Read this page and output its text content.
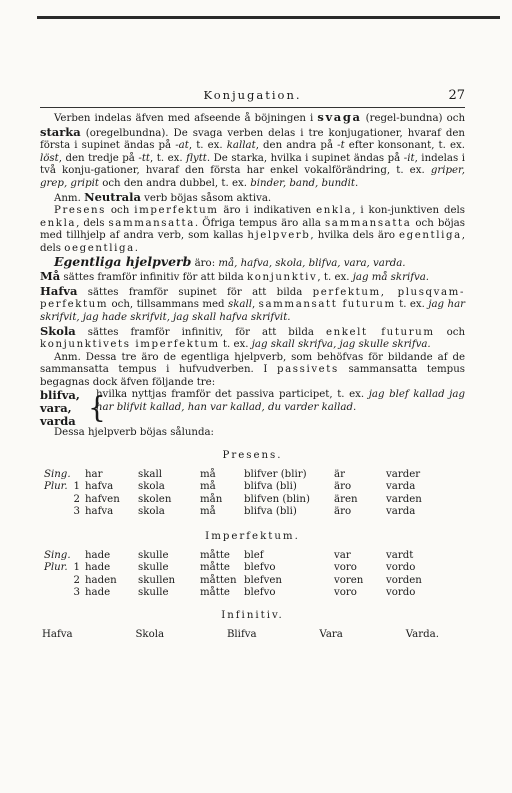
Konjugation.	27

Verben indelas äfven med afseende å böjningen i svaga (regel-bundna) och starka (oregelbundna). De svaga verben delas i tre konjugationer, hvaraf den första i supinet ändas på -at, t. ex. kallat, den andra på -t efter konsonant, t. ex. löst, den tredje på -tt, t. ex. flytt. De starka, hvilka i supinet ändas på -it, indelas i två konju-gationer, hvaraf den första har enkel vokalförändring, t. ex. griper, grep, gripit och den andra dubbel, t. ex. binder, band, bundit.

Anm. Neutrala verb böjas såsom aktiva.

Presens och imperfektum äro i indikativen enkla, i kon-junktiven dels enkla, dels sammansatta. Öfriga tempus äro alla sammansatta och böjas med tillhjelp af andra verb, som kallas hjelpverb, hvilka dels äro egentliga, dels oegentliga.

Egentliga hjelpverb äro: må, hafva, skola, blifva, vara, varda.

Må sättes framför infinitiv för att bilda konjunktiv, t. ex. jag må skrifva.

Hafva sättes framför supinet för att bilda perfektum, plusqvam-perfektum och, tillsammans med skall, sammansatt futurum t. ex. jag har skrifvit, jag hade skrifvit, jag skall hafva skrifvit.

Skola sättes framför infinitiv, för att bilda enkelt futurum och konjunktivets imperfektum t. ex. jag skall skrifva, jag skulle skrifva.

Anm. Dessa tre äro de egentliga hjelpverb, som behöfvas för bildande af de sammansatta tempus i hufvudverben. I passivets sammansatta tempus begagnas dock äfven följande tre:

blifva,
vara,
varda {
hvilka nyttjas framför det passiva participet, t. ex. jag blef kallad jag har blifvit kallad, han var kallad, du varder kallad.

Dessa hjelpverb böjas sålunda:

Presens.

Sing.		har	skall	må	blifver (blir)	är	varder
Plur.	1	hafva	skola	må	blifva (bli)	äro	varda
	2	hafven	skolen	mån	blifven (blin)	ären	varden
	3	hafva	skola	må	blifva (bli)	äro	varda

Imperfektum.

Sing.		hade	skulle	måtte	blef	var	vardt
Plur.	1	hade	skulle	måtte	blefvo	voro	vordo
	2	haden	skullen	måtten	blefven	voren	vorden
	3	hade	skulle	måtte	blefvo	voro	vordo

Infinitiv.

Hafva	Skola	Blifva	Vara	Varda.
